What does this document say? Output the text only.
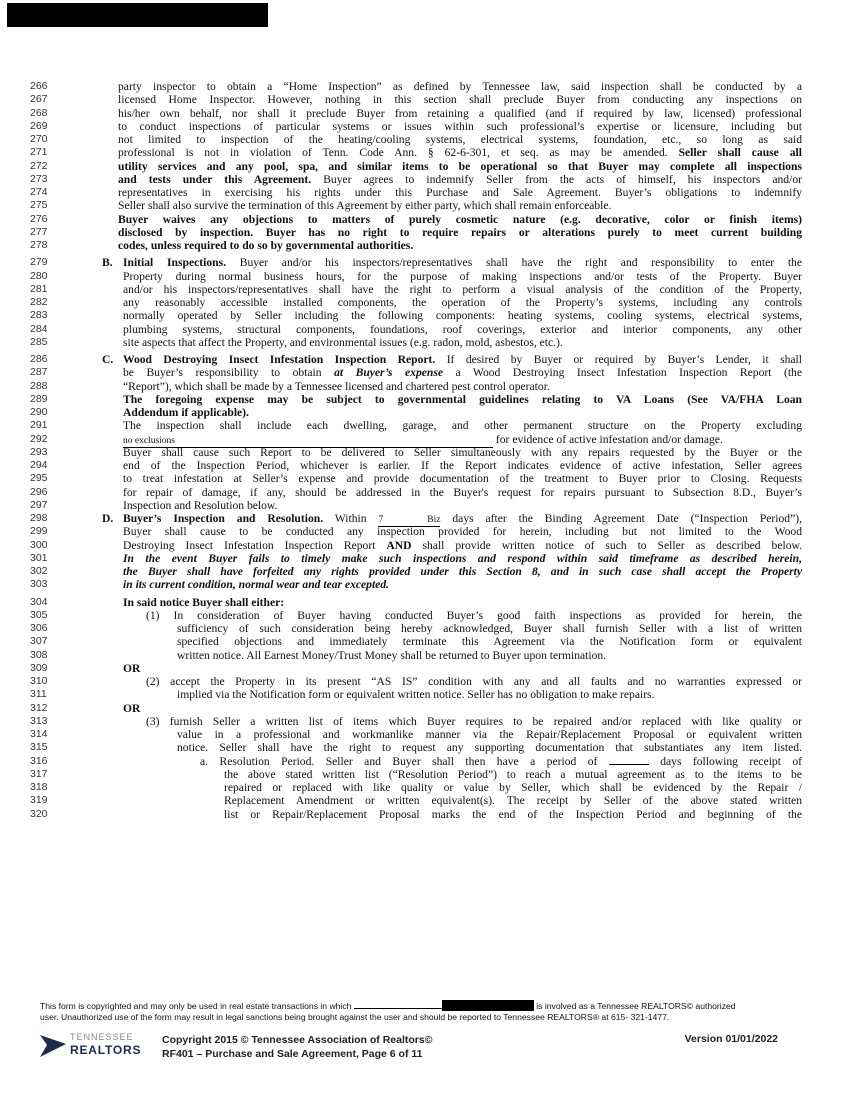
266	party inspector to obtain a “Home Inspection” as defined by Tennessee law, said inspection shall be conducted by a
267	licensed Home Inspector. However, nothing in this section shall preclude Buyer from conducting any inspections on
268	his/her own behalf, nor shall it preclude Buyer from retaining a qualified (and if required by law, licensed) professional
269	to conduct inspections of particular systems or issues within such professional’s expertise or licensure, including but
270	not limited to inspection of the heating/cooling systems, electrical systems, foundation, etc., so long as said
271	professional is not in violation of Tenn. Code Ann. § 62-6-301, et seq. as may be amended. Seller shall cause all
272	utility services and any pool, spa, and similar items to be operational so that Buyer may complete all inspections
273	and tests under this Agreement. Buyer agrees to indemnify Seller from the acts of himself, his inspectors and/or
274	representatives in exercising his rights under this Purchase and Sale Agreement. Buyer’s obligations to indemnify
275	Seller shall also survive the termination of this Agreement by either party, which shall remain enforceable.
276	Buyer waives any objections to matters of purely cosmetic nature (e.g. decorative, color or finish items)
277	disclosed by inspection. Buyer has no right to require repairs or alterations purely to meet current building
278	codes, unless required to do so by governmental authorities.
279	B. Initial Inspections. Buyer and/or his inspectors/representatives shall have the right and responsibility to enter the
280	Property during normal business hours, for the purpose of making inspections and/or tests of the Property. Buyer
281	and/or his inspectors/representatives shall have the right to perform a visual analysis of the condition of the Property,
282	any reasonably accessible installed components, the operation of the Property’s systems, including any controls
283	normally operated by Seller including the following components: heating systems, cooling systems, electrical systems,
284	plumbing systems, structural components, foundations, roof coverings, exterior and interior components, any other
285	site aspects that affect the Property, and environmental issues (e.g. radon, mold, asbestos, etc.).
286	C. Wood Destroying Insect Infestation Inspection Report. If desired by Buyer or required by Buyer’s Lender, it shall
287	be Buyer’s responsibility to obtain at Buyer’s expense a Wood Destroying Insect Infestation Inspection Report (the
288	“Report”), which shall be made by a Tennessee licensed and chartered pest control operator.
289	The foregoing expense may be subject to governmental guidelines relating to VA Loans (See VA/FHA Loan
290	Addendum if applicable).
291	The inspection shall include each dwelling, garage, and other permanent structure on the Property excluding
292	no exclusions	for evidence of active infestation and/or damage.
293	Buyer shall cause such Report to be delivered to Seller simultaneously with any repairs requested by the Buyer or the
294	end of the Inspection Period, whichever is earlier. If the Report indicates evidence of active infestation, Seller agrees
295	to treat infestation at Seller’s expense and provide documentation of the treatment to Buyer prior to Closing. Requests
296	for repair of damage, if any, should be addressed in the Buyer's request for repairs pursuant to Subsection 8.D., Buyer’s
297	Inspection and Resolution below.
298	D. Buyer’s Inspection and Resolution. Within 7 Biz days after the Binding Agreement Date (“Inspection Period”),
299	Buyer shall cause to be conducted any inspection provided for herein, including but not limited to the Wood
300	Destroying Insect Infestation Inspection Report AND shall provide written notice of such to Seller as described below.
301	In the event Buyer fails to timely make such inspections and respond within said timeframe as described herein,
302	the Buyer shall have forfeited any rights provided under this Section 8, and in such case shall accept the Property
303	in its current condition, normal wear and tear excepted.
304	In said notice Buyer shall either:
305	(1) In consideration of Buyer having conducted Buyer’s good faith inspections as provided for herein, the
306	sufficiency of such consideration being hereby acknowledged, Buyer shall furnish Seller with a list of written
307	specified objections and immediately terminate this Agreement via the Notification form or equivalent
308	written notice. All Earnest Money/Trust Money shall be returned to Buyer upon termination.
309	OR
310	(2) accept the Property in its present “AS IS” condition with any and all faults and no warranties expressed or
311	implied via the Notification form or equivalent written notice. Seller has no obligation to make repairs.
312	OR
313	(3) furnish Seller a written list of items which Buyer requires to be repaired and/or replaced with like quality or
314	value in a professional and workmanlike manner via the Repair/Replacement Proposal or equivalent written
315	notice. Seller shall have the right to request any supporting documentation that substantiates any item listed.
316	a. Resolution Period. Seller and Buyer shall then have a period of	days following receipt of
317	the above stated written list (“Resolution Period”) to reach a mutual agreement as to the items to be
318	repaired or replaced with like quality or value by Seller, which shall be evidenced by the Repair /
319	Replacement Amendment or written equivalent(s). The receipt by Seller of the above stated written
320	list or Repair/Replacement Proposal marks the end of the Inspection Period and beginning of the
This form is copyrighted and may only be used in real estate transactions in which	is involved as a Tennessee REALTORS© authorized
user. Unauthorized use of the form may result in legal sanctions being brought against the user and should be reported to Tennessee REALTORS® at 615- 321-1477.
TENNESSEE
REALTORS
Copyright 2015 © Tennessee Association of Realtors©
RF401 – Purchase and Sale Agreement, Page 6 of 11
Version 01/01/2022
